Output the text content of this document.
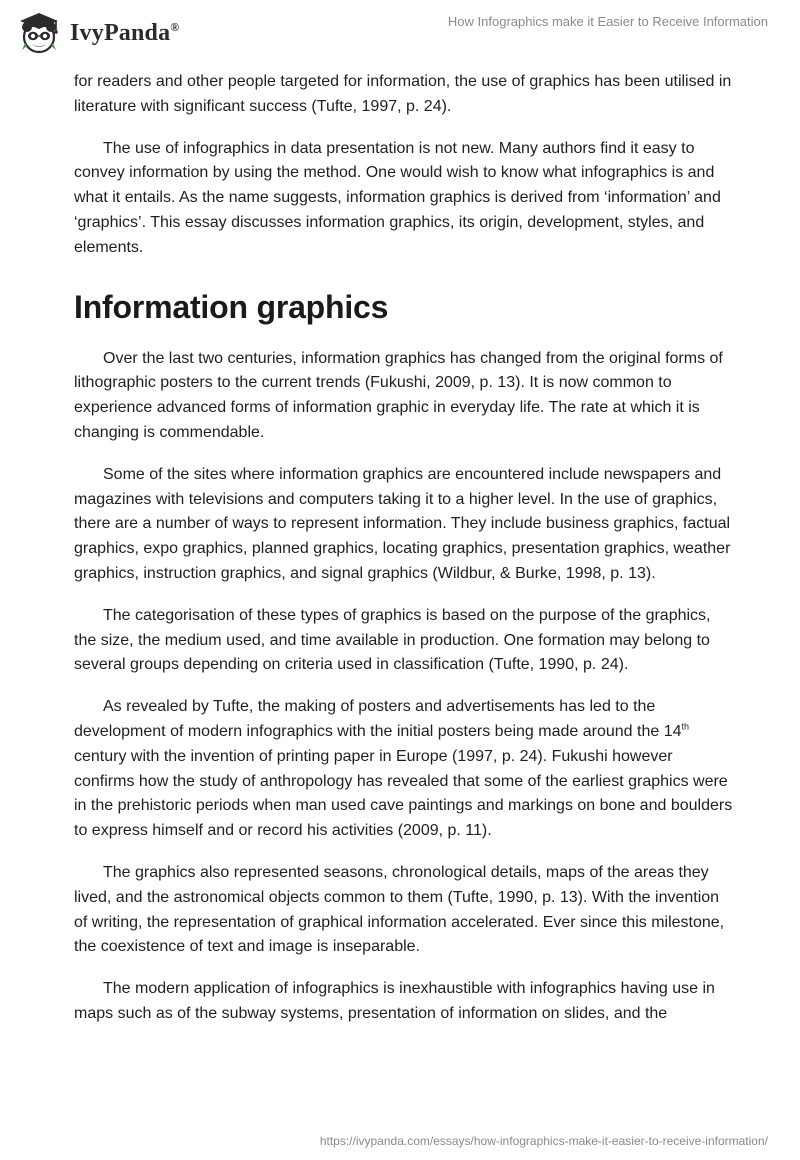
IvyPanda®	How Infographics make it Easier to Receive Information

for readers and other people targeted for information, the use of graphics has been utilised in literature with significant success (Tufte, 1997, p. 24).

The use of infographics in data presentation is not new. Many authors find it easy to convey information by using the method. One would wish to know what infographics is and what it entails. As the name suggests, information graphics is derived from ‘information’ and ‘graphics’. This essay discusses information graphics, its origin, development, styles, and elements.

Information graphics

Over the last two centuries, information graphics has changed from the original forms of lithographic posters to the current trends (Fukushi, 2009, p. 13). It is now common to experience advanced forms of information graphic in everyday life. The rate at which it is changing is commendable.

Some of the sites where information graphics are encountered include newspapers and magazines with televisions and computers taking it to a higher level. In the use of graphics, there are a number of ways to represent information. They include business graphics, factual graphics, expo graphics, planned graphics, locating graphics, presentation graphics, weather graphics, instruction graphics, and signal graphics (Wildbur, & Burke, 1998, p. 13).

The categorisation of these types of graphics is based on the purpose of the graphics, the size, the medium used, and time available in production. One formation may belong to several groups depending on criteria used in classification (Tufte, 1990, p. 24).

As revealed by Tufte, the making of posters and advertisements has led to the development of modern infographics with the initial posters being made around the 14th century with the invention of printing paper in Europe (1997, p. 24). Fukushi however confirms how the study of anthropology has revealed that some of the earliest graphics were in the prehistoric periods when man used cave paintings and markings on bone and boulders to express himself and or record his activities (2009, p. 11).

The graphics also represented seasons, chronological details, maps of the areas they lived, and the astronomical objects common to them (Tufte, 1990, p. 13). With the invention of writing, the representation of graphical information accelerated. Ever since this milestone, the coexistence of text and image is inseparable.

The modern application of infographics is inexhaustible with infographics having use in maps such as of the subway systems, presentation of information on slides, and the

https://ivypanda.com/essays/how-infographics-make-it-easier-to-receive-information/
